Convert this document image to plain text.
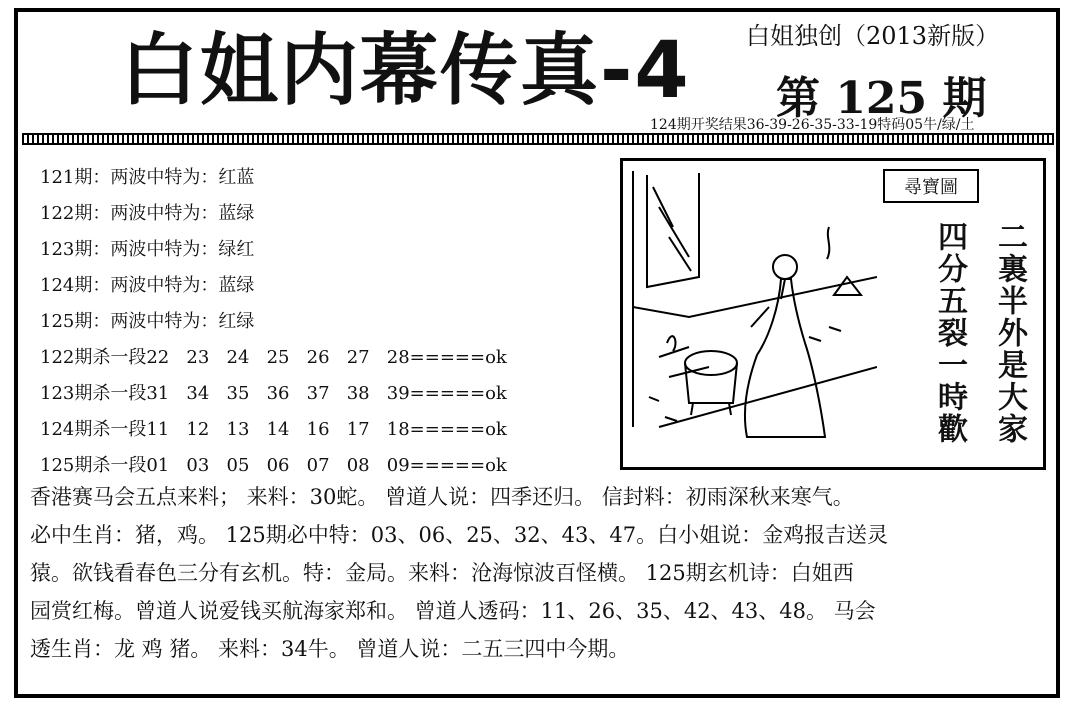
白姐内幕传真-4 白姐独创（2013新版）
第 125 期
124期开奖结果36-39-26-35-33-19特码05牛/绿/土
121期：两波中特为：红蓝
122期：两波中特为：蓝绿
123期：两波中特为：绿红
124期：两波中特为：蓝绿
125期：两波中特为：红绿
122期杀一段22   23   24   25   26   27   28=====ok
123期杀一段31   34   35   36   37   38   39=====ok
124期杀一段11   12   13   14   16   17   18=====ok
125期杀一段01   03   05   06   07   08   09=====ok
尋寶圖
二裏半外是大家
四分五裂一時歡

香港赛马会五点来料； 来料：30蛇。 曾道人说：四季还归。 信封料：初雨深秋来寒气。

必中生肖：猪，鸡。 125期必中特：03、06、25、32、43、47。白小姐说：金鸡报吉送灵

猿。欲钱看春色三分有玄机。特：金局。来料：沧海惊波百怪横。 125期玄机诗：白姐西

园赏红梅。曾道人说爱钱买航海家郑和。 曾道人透码：11、26、35、42、43、48。 马会

透生肖：龙 鸡 猪。 来料：34牛。 曾道人说：二五三四中今期。
